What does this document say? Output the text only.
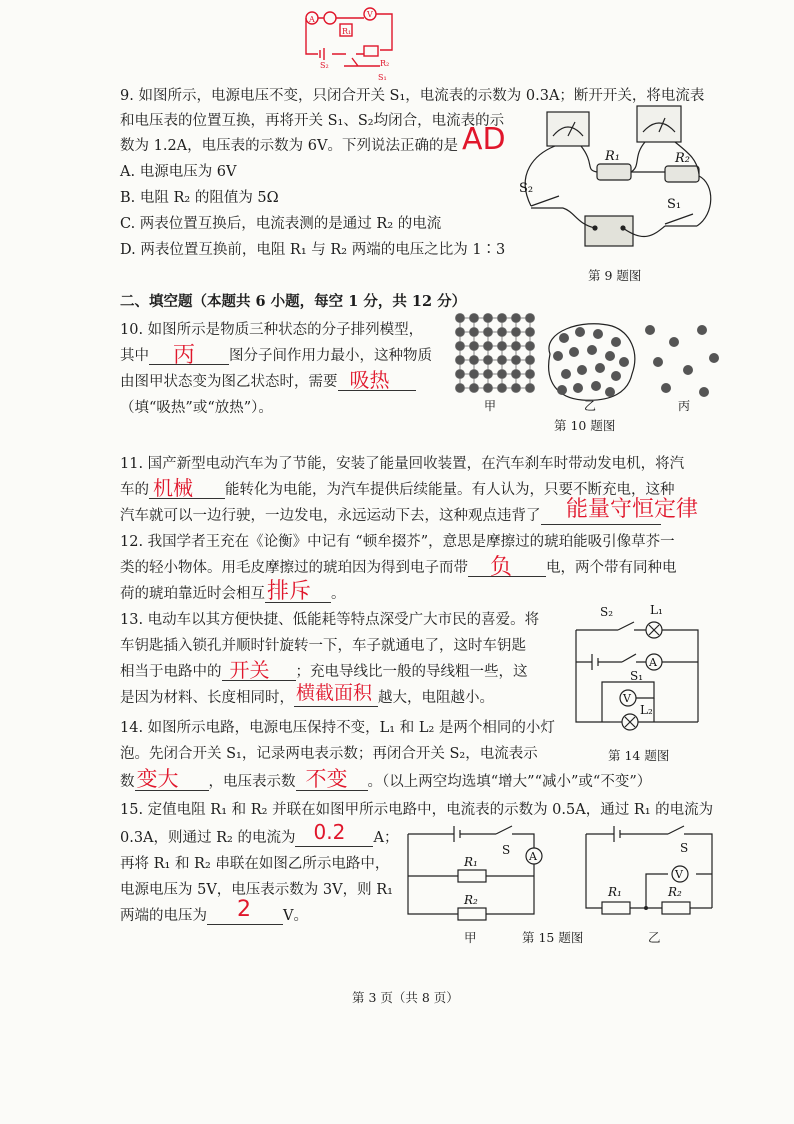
A
V
R₁
R₂
S₂
S₁
9. 如图所示，电源电压不变，只闭合开关 S₁，电流表的示数为 0.3A；断开开关，将电流表
和电压表的位置互换，再将开关 S₁、S₂均闭合，电流表的示
数为 1.2A，电压表的示数为 6V。下列说法正确的是 AD
A. 电源电压为 6V
B. 电阻 R₂ 的阻值为 5Ω
C. 两表位置互换后，电流表测的是通过 R₂ 的电流
D. 两表位置互换前，电阻 R₁ 与 R₂ 两端的电压之比为 1∶3
R₁	R₂
S₂
S₁
第 9 题图
二、填空题（本题共 6 小题，每空 1 分，共 12 分）
10. 如图所示是物质三种状态的分子排列模型，
其中 丙 图分子间作用力最小，这种物质
由图甲状态变为图乙状态时，需要 吸热
（填“吸热”或“放热”）。	甲	乙	丙
第 10 题图
11. 国产新型电动汽车为了节能，安装了能量回收装置，在汽车刹车时带动发电机，将汽
车的 机械 能转化为电能，为汽车提供后续能量。有人认为，只要不断充电，这种
汽车就可以一边行驶，一边发电，永远运动下去，这种观点违背了	能量守恒定律
12. 我国学者王充在《论衡》中记有 “顿牟掇芥”，意思是摩擦过的琥珀能吸引像草芥一
类的轻小物体。用毛皮摩擦过的琥珀因为得到电子而带 负 电，两个带有同种电
荷的琥珀靠近时会相互 排斥 。
13. 电动车以其方便快捷、低能耗等特点深受广大市民的喜爱。将
车钥匙插入锁孔并顺时针旋转一下，车子就通电了，这时车钥匙
相当于电路中的 开关 ；充电导线比一般的导线粗一些，这
是因为材料、长度相同时， 横截面积 越大，电阻越小。
S₂	L₁
A
S₁
V
L₂
第 14 题图
14. 如图所示电路，电源电压保持不变，L₁ 和 L₂ 是两个相同的小灯
泡。先闭合开关 S₁，记录两电表示数；再闭合开关 S₂，电流表示
数 变大 ，电压表示数 不变 。（以上两空均选填“增大”“减小”或“不变”）
15. 定值电阻 R₁ 和 R₂ 并联在如图甲所示电路中，电流表的示数为 0.5A，通过 R₁ 的电流为
0.3A，则通过 R₂ 的电流为 0.2 A；
再将 R₁ 和 R₂ 串联在如图乙所示电路中，
电源电压为 5V，电压表示数为 3V，则 R₁
两端的电压为 2 V。
S A
R₁
R₂
S
V
R₁	R₂
甲	第 15 题图	乙
第 3 页（共 8 页）
